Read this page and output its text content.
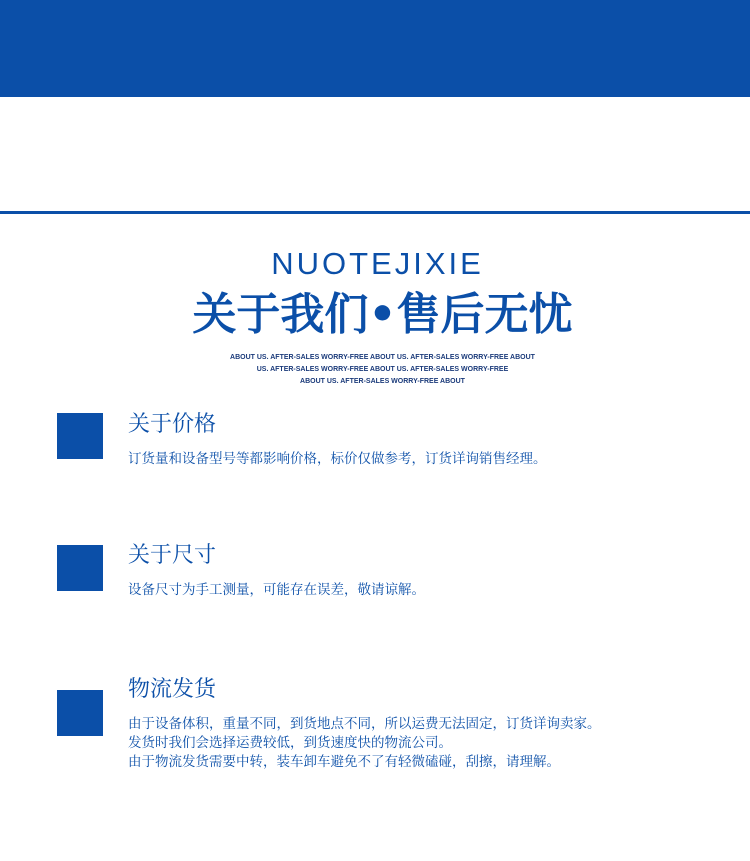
NUOTEJIXIE
关于我们•售后无忧
ABOUT US. AFTER-SALES WORRY-FREE ABOUT US. AFTER-SALES WORRY-FREE ABOUT
US. AFTER-SALES WORRY-FREE ABOUT US. AFTER-SALES WORRY-FREE
ABOUT US. AFTER-SALES WORRY-FREE ABOUT
关于价格
订货量和设备型号等都影响价格，标价仅做参考，订货详询销售经理。
关于尺寸
设备尺寸为手工测量，可能存在误差，敬请谅解。
物流发货
由于设备体积，重量不同，到货地点不同，所以运费无法固定，订货详询卖家。
发货时我们会选择运费较低，到货速度快的物流公司。
由于物流发货需要中转，装车卸车避免不了有轻微磕碰，刮擦，请理解。
